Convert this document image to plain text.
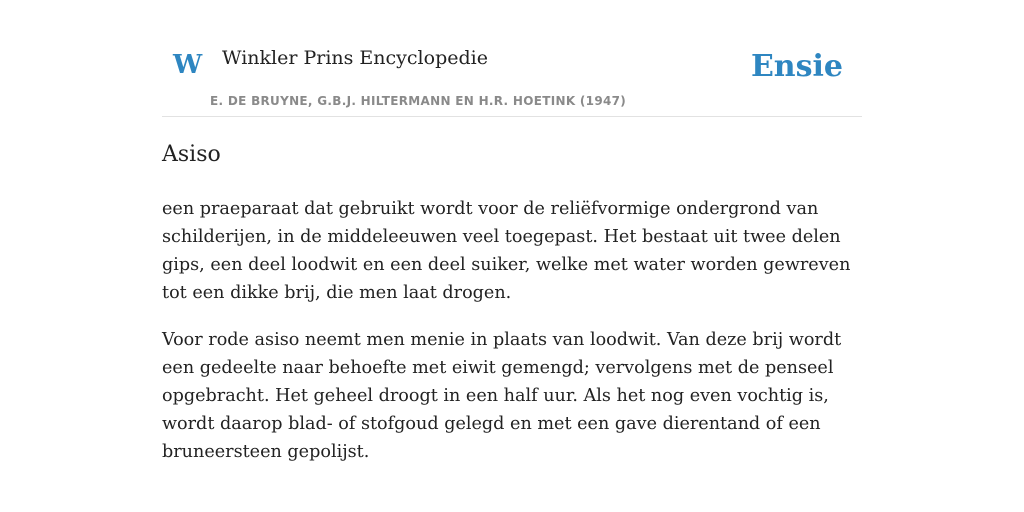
W Winkler Prins Encyclopedie
E. DE BRUYNE, G.B.J. HILTERMANN EN H.R. HOETINK (1947)
Ensie
Asiso

een praeparaat dat gebruikt wordt voor de reliëfvormige ondergrond van schilderijen, in de middeleeuwen veel toegepast. Het bestaat uit twee delen gips, een deel loodwit en een deel suiker, welke met water worden gewreven tot een dikke brij, die men laat drogen.

Voor rode asiso neemt men menie in plaats van loodwit. Van deze brij wordt een gedeelte naar behoefte met eiwit gemengd; vervolgens met de penseel opgebracht. Het geheel droogt in een half uur. Als het nog even vochtig is, wordt daarop blad- of stofgoud gelegd en met een gave dierentand of een bruneersteen gepolijst.
